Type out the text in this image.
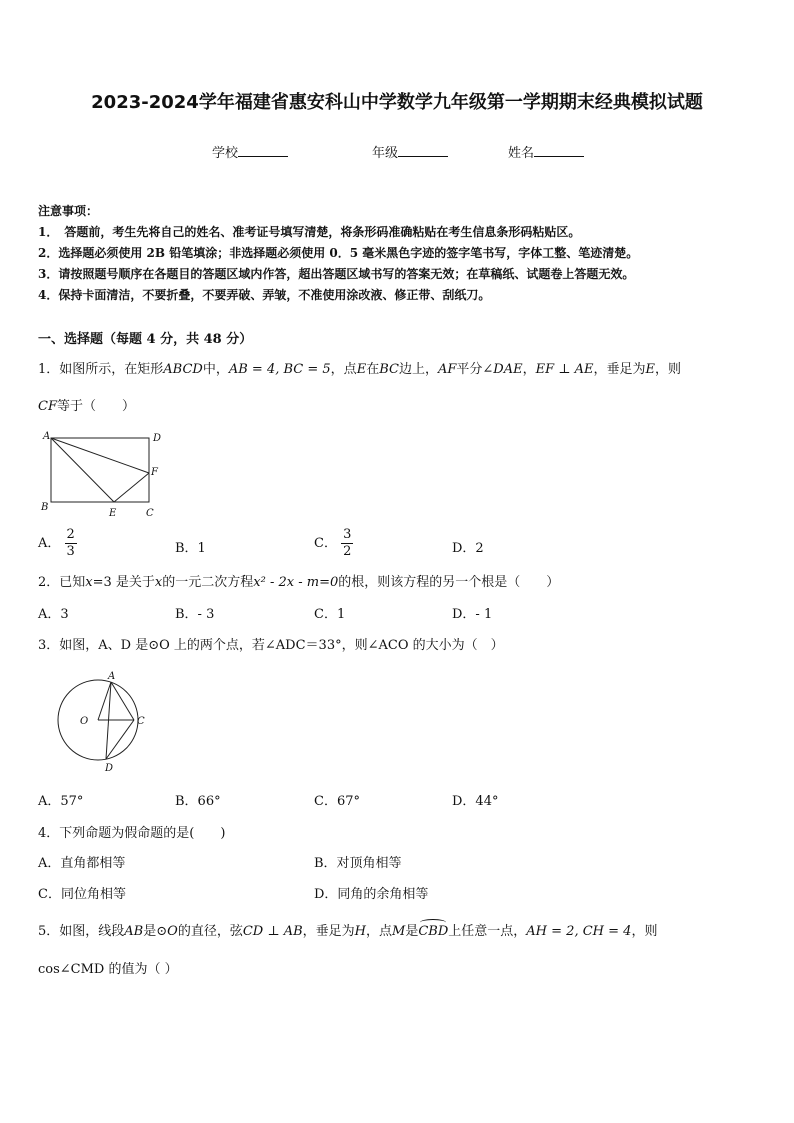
2023-2024学年福建省惠安科山中学数学九年级第一学期期末经典模拟试题
学校	年级	姓名
注意事项：
1．　答题前，考生先将自己的姓名、准考证号填写清楚，将条形码准确粘贴在考生信息条形码粘贴区。
2．选择题必须使用 2B 铅笔填涂；非选择题必须使用 0．5 毫米黑色字迹的签字笔书写，字体工整、笔迹清楚。
3．请按照题号顺序在各题目的答题区域内作答，超出答题区域书写的答案无效；在草稿纸、试题卷上答题无效。
4．保持卡面清洁，不要折叠，不要弄破、弄皱，不准使用涂改液、修正带、刮纸刀。
一、选择题（每题 4 分，共 48 分）
1．如图所示，在矩形ABCD中，AB = 4, BC = 5，点E在BC边上，AF平分∠DAE，EF ⊥ AE，垂足为E，则
CF等于（　　）
A	D
F
B
E	C
A． $\frac{2}{3}$	B．1	C． $\frac{3}{2}$	D．2
2．已知x=3 是关于x的一元二次方程x² - 2x - m=0的根，则该方程的另一个根是（　　）
A．3	B．- 3	C．1	D．- 1
3．如图，A、D 是⊙O 上的两个点，若∠ADC＝33°，则∠ACO 的大小为（　）
A
O	C
D
A．57°	B．66°	C．67°	D．44°
4．下列命题为假命题的是(　　)
A．直角都相等	B．对顶角相等
C．同位角相等	D．同角的余角相等
5．如图，线段AB是⊙O的直径，弦CD ⊥ AB，垂足为H，点M是
CBD上任意一点，AH = 2, CH = 4，则
cos∠CMD 的值为（ ）
